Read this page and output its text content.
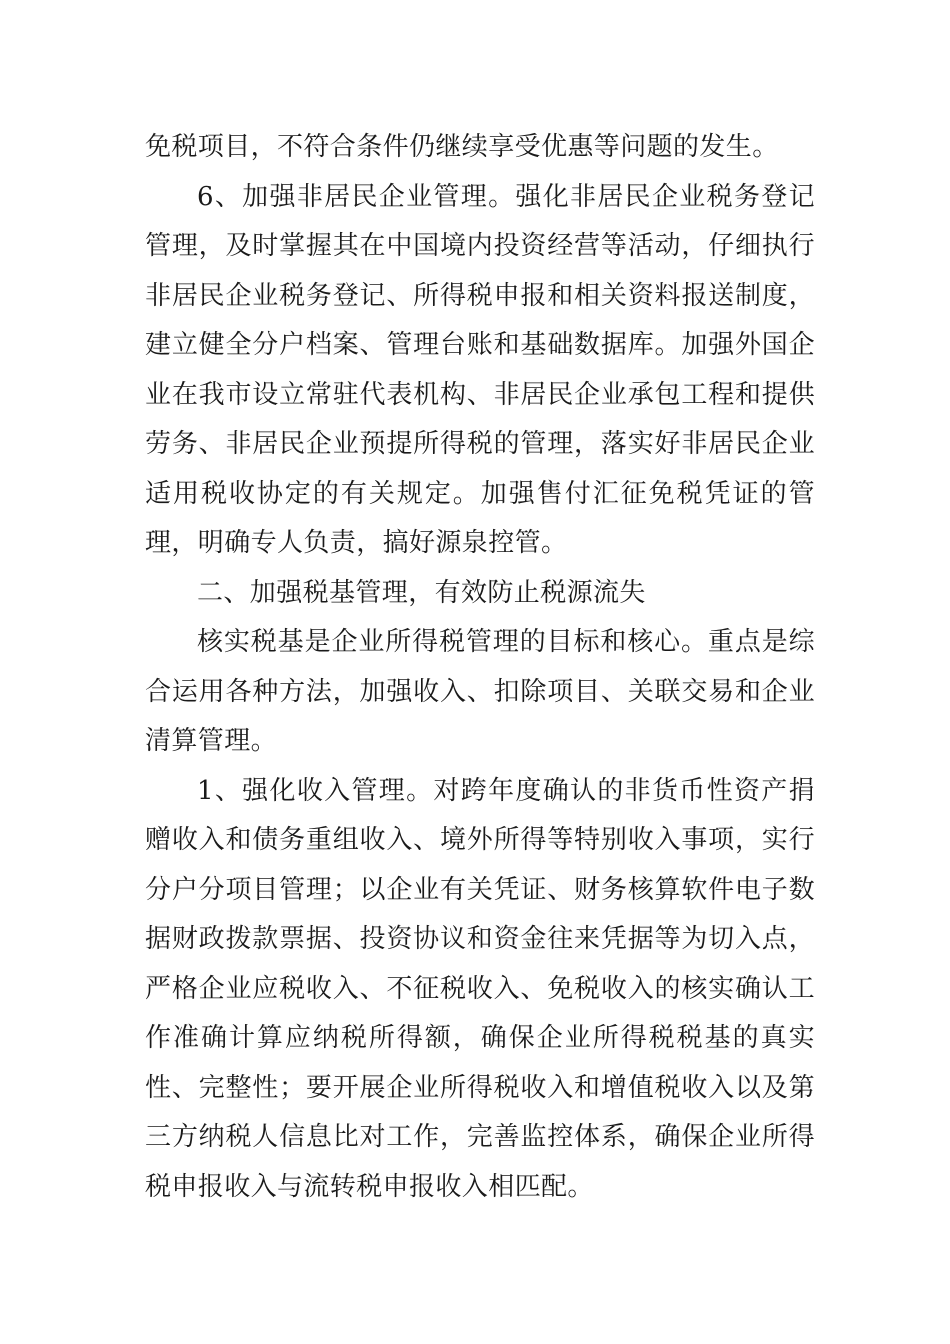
免税项目，不符合条件仍继续享受优惠等问题的发生。

6、加强非居民企业管理。强化非居民企业税务登记管理，及时掌握其在中国境内投资经营等活动，仔细执行非居民企业税务登记、所得税申报和相关资料报送制度，建立健全分户档案、管理台账和基础数据库。加强外国企业在我市设立常驻代表机构、非居民企业承包工程和提供劳务、非居民企业预提所得税的管理，落实好非居民企业适用税收协定的有关规定。加强售付汇征免税凭证的管理，明确专人负责，搞好源泉控管。

二、加强税基管理，有效防止税源流失

核实税基是企业所得税管理的目标和核心。重点是综合运用各种方法，加强收入、扣除项目、关联交易和企业清算管理。

1、强化收入管理。对跨年度确认的非货币性资产捐赠收入和债务重组收入、境外所得等特别收入事项，实行分户分项目管理；以企业有关凭证、财务核算软件电子数据财政拨款票据、投资协议和资金往来凭据等为切入点，严格企业应税收入、不征税收入、免税收入的核实确认工作准确计算应纳税所得额，确保企业所得税税基的真实性、完整性；要开展企业所得税收入和增值税收入以及第三方纳税人信息比对工作，完善监控体系，确保企业所得税申报收入与流转税申报收入相匹配。
